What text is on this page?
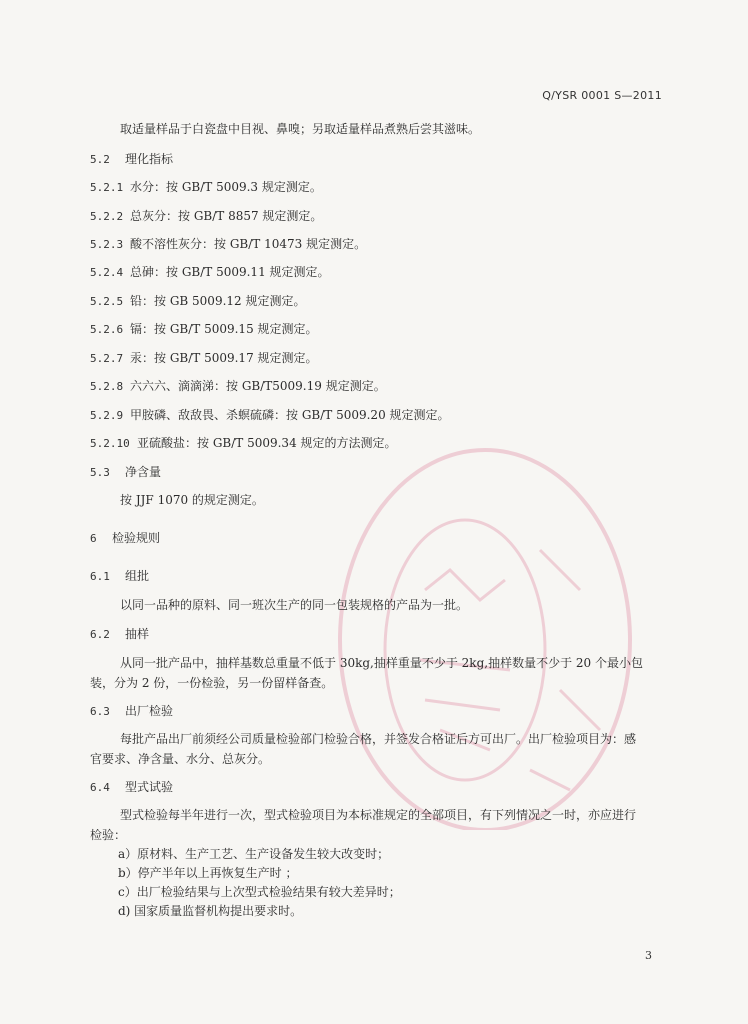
Q/YSR 0001 S—2011
取适量样品于白瓷盘中目视、鼻嗅；另取适量样品煮熟后尝其滋味。
5.2 理化指标
5.2.1 水分：按 GB/T 5009.3 规定测定。
5.2.2 总灰分：按 GB/T 8857 规定测定。
5.2.3 酸不溶性灰分：按 GB/T 10473 规定测定。
5.2.4 总砷：按 GB/T 5009.11 规定测定。
5.2.5 铅：按 GB 5009.12 规定测定。
5.2.6 镉：按 GB/T 5009.15 规定测定。
5.2.7 汞：按 GB/T 5009.17 规定测定。
5.2.8 六六六、滴滴涕：按 GB/T5009.19 规定测定。
5.2.9 甲胺磷、敌敌畏、杀螟硫磷：按 GB/T 5009.20 规定测定。
5.2.10 亚硫酸盐：按 GB/T 5009.34 规定的方法测定。
5.3 净含量
按 JJF 1070 的规定测定。
6 检验规则
6.1 组批
以同一品种的原料、同一班次生产的同一包装规格的产品为一批。
6.2 抽样
从同一批产品中，抽样基数总重量不低于 30kg,抽样重量不少于 2kg,抽样数量不少于 20 个最小包
装，分为 2 份，一份检验，另一份留样备查。
6.3 出厂检验
每批产品出厂前须经公司质量检验部门检验合格，并签发合格证后方可出厂。出厂检验项目为：感
官要求、净含量、水分、总灰分。
6.4 型式试验
型式检验每半年进行一次，型式检验项目为本标准规定的全部项目，有下列情况之一时，亦应进行
检验：
a）原材料、生产工艺、生产设备发生较大改变时；
b）停产半年以上再恢复生产时 ；
c）出厂检验结果与上次型式检验结果有较大差异时；
d) 国家质量监督机构提出要求时。
3
